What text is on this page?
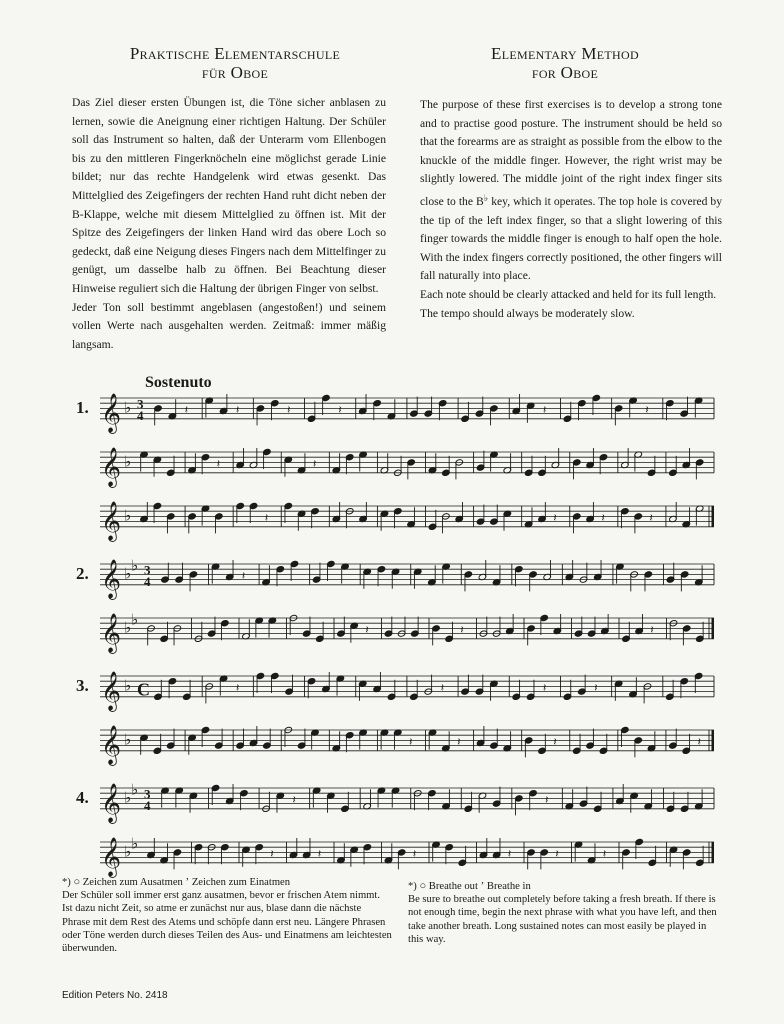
Praktische Elementarschule
für Oboe
Elementary Method
for Oboe

Das Ziel dieser ersten Übungen ist, die Töne sicher anblasen zu lernen, sowie die Aneignung einer richtigen Haltung. Der Schüler soll das Instrument so halten, daß der Unterarm vom Ellenbogen bis zu den mittleren Fingerknöcheln eine möglichst gerade Linie bildet; nur das rechte Handgelenk wird etwas gesenkt. Das Mittelglied des Zeigefingers der rechten Hand ruht dicht neben der B-Klappe, welche mit diesem Mittelglied zu öffnen ist. Mit der Spitze des Zeigefingers der linken Hand wird das obere Loch so gedeckt, daß eine Neigung dieses Fingers nach dem Mittelfinger zu genügt, um dasselbe halb zu öffnen. Bei Beachtung dieser Hinweise reguliert sich die Haltung der übrigen Finger von selbst.

Jeder Ton soll bestimmt angeblasen (angestoßen!) und seinem vollen Werte nach ausgehalten werden. Zeitmaß: immer mäßig langsam.

The purpose of these first exercises is to develop a strong tone and to practise good posture. The instrument should be held so that the forearms are as straight as possible from the elbow to the knuckle of the middle finger. However, the right wrist may be slightly lowered. The middle joint of the right index finger sits close to the B♭ key, which it operates. The top hole is covered by the tip of the left index finger, so that a slight lowering of this finger towards the middle finger is enough to half open the hole. With the index fingers correctly positioned, the other fingers will fall naturally into place.

Each note should be clearly attacked and held for its full length.

The tempo should always be moderately slow.

Sostenuto
1.
2.
3.
4.
𝄞 ♭ 3
4	𝄽	𝄽	𝄽	𝄽	𝄽	𝄽
𝄞 ♭	𝄽	𝄽
𝄞 ♭	𝄽	𝄽	𝄽	𝄽
𝄞 ♭ ♭ 3
4	𝄽
𝄞 ♭ ♭
𝄽	𝄽	𝄽
𝄞 ♭ C	𝄽	𝄽	𝄽	𝄽
𝄞 ♭	𝄽	𝄽	𝄽	𝄽
𝄞 ♭ ♭ 3
4	𝄽	𝄽
𝄞 ♭ ♭
𝄽	𝄽	𝄽	𝄽	𝄽	𝄽
*) ○ Zeichen zum Ausatmen ʼ Zeichen zum Einatmen
Der Schüler soll immer erst ganz ausatmen, bevor er frischen Atem nimmt. Ist dazu nicht Zeit, so atme er zunächst nur aus, blase dann die nächste Phrase mit dem Rest des Atems und schöpfe dann erst neu. Längere Phrasen oder Töne werden durch dieses Teilen des Aus- und Einatmens am leichtesten überwunden.
*) ○ Breathe out ʼ Breathe in
Be sure to breathe out completely before taking a fresh breath. If there is not enough time, begin the next phrase with what you have left, and then take another breath. Long sustained notes can most easily be played in this way.
Edition Peters No. 2418
